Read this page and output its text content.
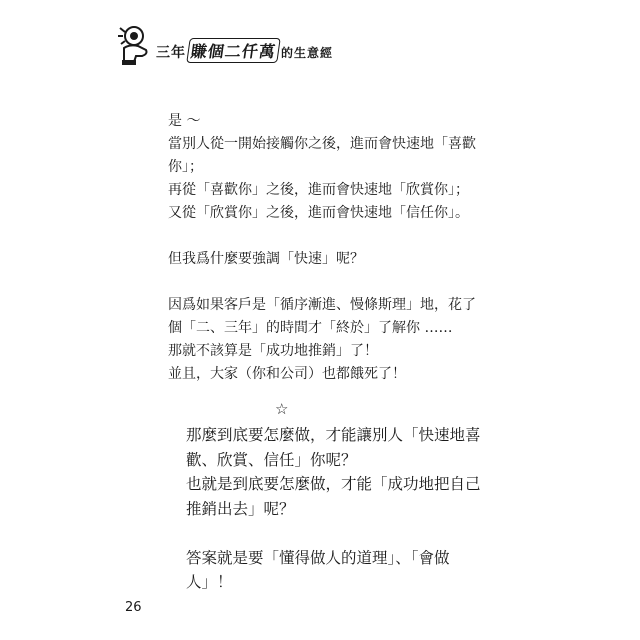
三年 賺個二仟萬 的生意經
是 ～
當別人從一開始接觸你之後，進而會快速地「喜歡
你」；
再從「喜歡你」之後，進而會快速地「欣賞你」；
又從「欣賞你」之後，進而會快速地「信任你」。
但我爲什麼要強調「快速」呢？
因爲如果客戶是「循序漸進、慢條斯理」地，花了
個「二、三年」的時間才「終於」了解你 ……
那就不該算是「成功地推銷」了！
並且，大家（你和公司）也都餓死了！
☆
那麼到底要怎麼做，才能讓別人「快速地喜
歡、欣賞、信任」你呢？
也就是到底要怎麼做，才能「成功地把自己
推銷出去」呢？
答案就是要「懂得做人的道理」、「會做
人」！
26
